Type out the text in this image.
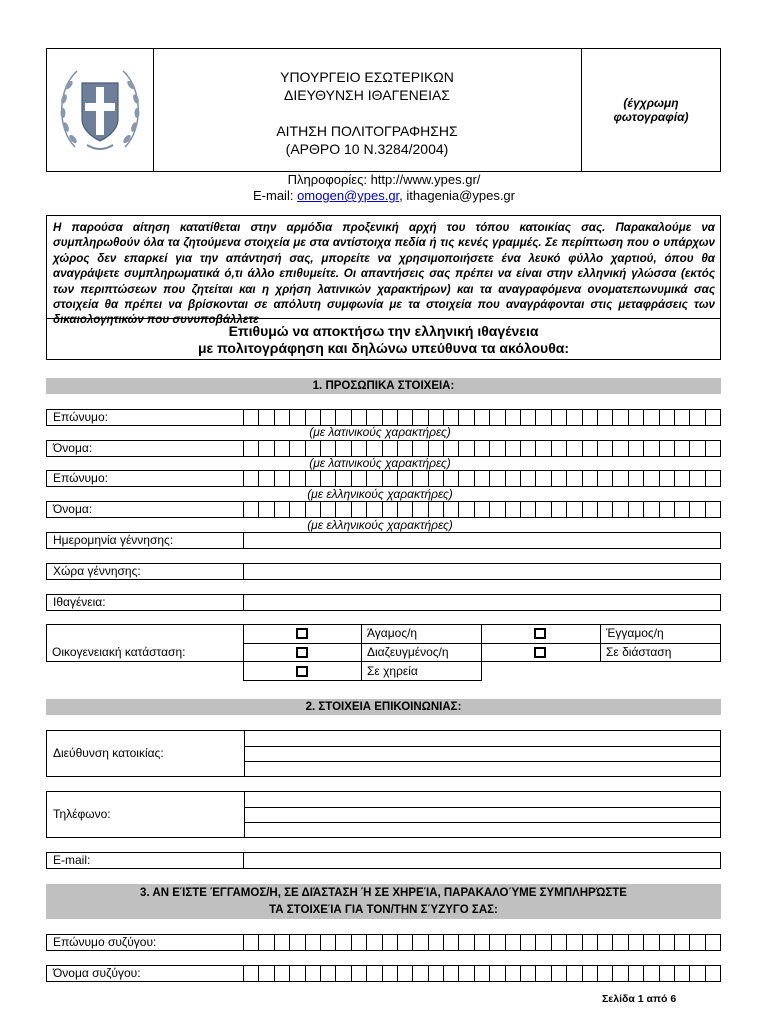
ΥΠΟΥΡΓΕΙΟ ΕΣΩΤΕΡΙΚΩΝ
ΔΙΕΥΘΥΝΣΗ ΙΘΑΓΕΝΕΙΑΣ
ΑΙΤΗΣΗ ΠΟΛΙΤΟΓΡΑΦΗΣΗΣ
(ΑΡΘΡΟ 10 Ν.3284/2004)
(έγχρωμη
φωτογραφία)
Πληροφορίες: http://www.ypes.gr/
E-mail: omogen@ypes.gr, ithagenia@ypes.gr
Η παρούσα αίτηση κατατίθεται στην αρμόδια προξενική αρχή του τόπου κατοικίας σας. Παρακαλούμε να συμπληρωθούν όλα τα ζητούμενα στοιχεία με στα αντίστοιχα πεδία ή τις κενές γραμμές. Σε περίπτωση που ο υπάρχων χώρος δεν επαρκεί για την απάντησή σας, μπορείτε να χρησιμοποιήσετε ένα λευκό φύλλο χαρτιού, όπου θα αναγράψετε συμπληρωματικά ό,τι άλλο επιθυμείτε. Οι απαντήσεις σας πρέπει να είναι στην ελληνική γλώσσα (εκτός των περιπτώσεων που ζητείται και η χρήση λατινικών χαρακτήρων) και τα αναγραφόμενα ονοματεπωνυμικά σας στοιχεία θα πρέπει να βρίσκονται σε απόλυτη συμφωνία με τα στοιχεία που αναγράφονται στις μεταφράσεις των δικαιολογητικών που συνυποβάλλετε
Επιθυμώ να αποκτήσω την ελληνική ιθαγένεια
με πολιτογράφηση και δηλώνω υπεύθυνα τα ακόλουθα:
1. ΠΡΟΣΩΠΙΚΑ ΣΤΟΙΧΕΙΑ:
Επώνυμο:
(με λατινικούς χαρακτήρες)
Όνομα:
(με λατινικούς χαρακτήρες)
Επώνυμο:
(με ελληνικούς χαρακτήρες)
Όνομα:
(με ελληνικούς χαρακτήρες)
Ημερομηνία γέννησης:
Χώρα γέννησης:
Ιθαγένεια:
Οικογενειακή κατάσταση:
Άγαμος/η	Έγγαμος/η
Διαζευγμένος/η	Σε διάσταση
Σε χηρεία
2. ΣΤΟΙΧΕΙΑ ΕΠΙΚΟΙΝΩΝΙΑΣ:
Διεύθυνση κατοικίας:
Τηλέφωνο:
E-mail:
3. ΑΝ ΕΊΣΤΕ ΈΓΓΑΜΟΣ/Η, ΣΕ ΔΙΆΣΤΑΣΗ Ή ΣΕ ΧΗΡΕΊΑ, ΠΑΡΑΚΑΛΟΎΜΕ ΣΥΜΠΛΗΡΏΣΤΕ
ΤΑ ΣΤΟΙΧΕΊΑ ΓΙΑ ΤΟΝ/ΤΗΝ ΣΎΖΥΓΟ ΣΑΣ:
Επώνυμο συζύγου:
Όνομα συζύγου:
Σελίδα 1 από 6
